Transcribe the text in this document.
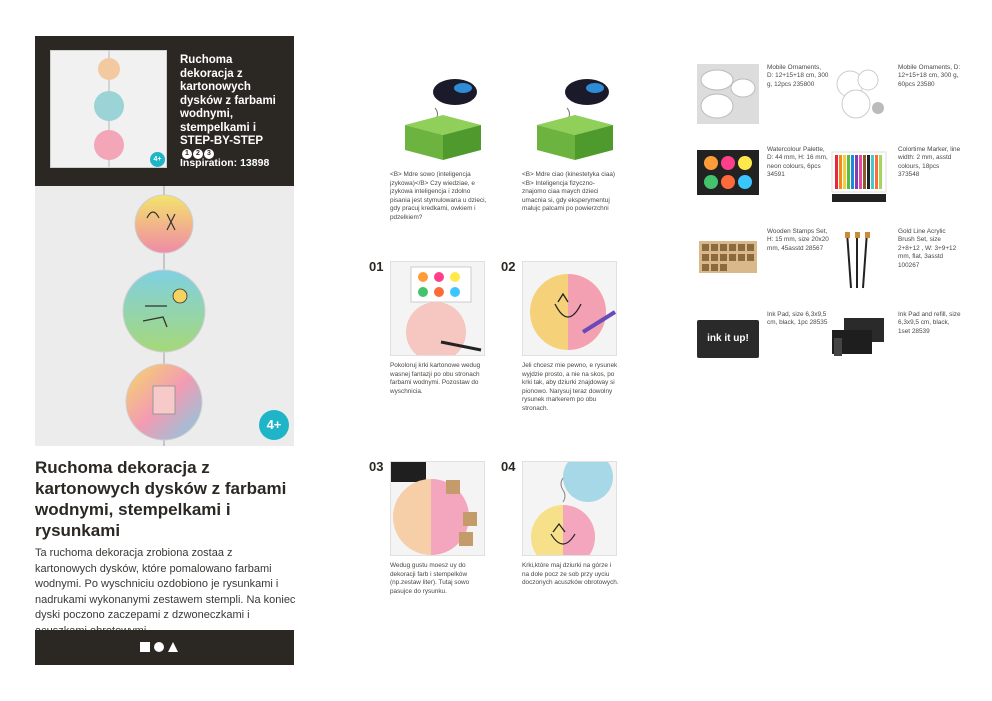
Ruchoma dekoracja z kartonowych dysków z farbami wodnymi, stempelkami i STEP-BY-STEP
1	2	3
4+	Inspiration: 13898
4+
Ruchoma dekoracja z kartonowych dysków z farbami wodnymi, stempelkami i rysunkami
Ta ruchoma dekoracja zrobiona zostaa z kartonowych dysków, które pomalowano farbami wodnymi. Po wyschniciu ozdobiono je rysunkami i nadrukami wykonanymi zestawem stempli. Na koniec dyski poczono zaczepami z dzwoneczkami i
<B> Mdre sowo (inteligencja jzykowa)</B> Czy wiedziae, e jzykowa inteligencja i zdolno pisania jest stymulowana u dzieci, gdy pracuj kredkami, owkiem i pdzelkiem?
<B> Mdre ciao (kinestetyka ciaa) <B> Inteligencja fizyczno- znajomo ciaa maych dzieci umacnia si, gdy eksperymentuj malujc palcami po powierzchni
01
Pokoloruj krki kartonowe wedug wasnej fantazji po obu stronach farbami wodnymi. Pozostaw do wyschnicia.
02
Jeli chcesz mie pewno, e rysunek wyjdzie prosto, a nie na skos, po krki tak, aby dziurki znajdoway si pionowo. Narysuj teraz dowolny rysunek markerem po obu stronach.
03
Wedug gustu moesz uy do dekoracji farb i stempelków (np.zestaw liter). Tutaj sowo pasujce do rysunku.
04
Krki,które maj dziurki na górze i na dole pocz ze sob przy uyciu doczonych acuszków obrotowych.
Mobile Ornaments, D: 12+15+18 cm, 300 g, 12pcs 235800
Mobile Ornaments, D: 12+15+18 cm, 300 g, 60pcs 23580
Watercolour Palette, D: 44 mm, H: 16 mm, neon colours, 6pcs 34591
Colortime Marker, line width: 2 mm, asstd colours, 18pcs 373548
Wooden Stamps Set, H: 15 mm, size 20x20 mm, 45asstd 28567
Gold Line Acrylic Brush Set, size 2+8+12 , W: 3+9+12 mm, flat, 3asstd 100267
ink it up!
Ink Pad, size 6,3x9,5 cm, black, 1pc 28535
Ink Pad and refill, size 6,3x9,5 cm, black, 1set 28539
